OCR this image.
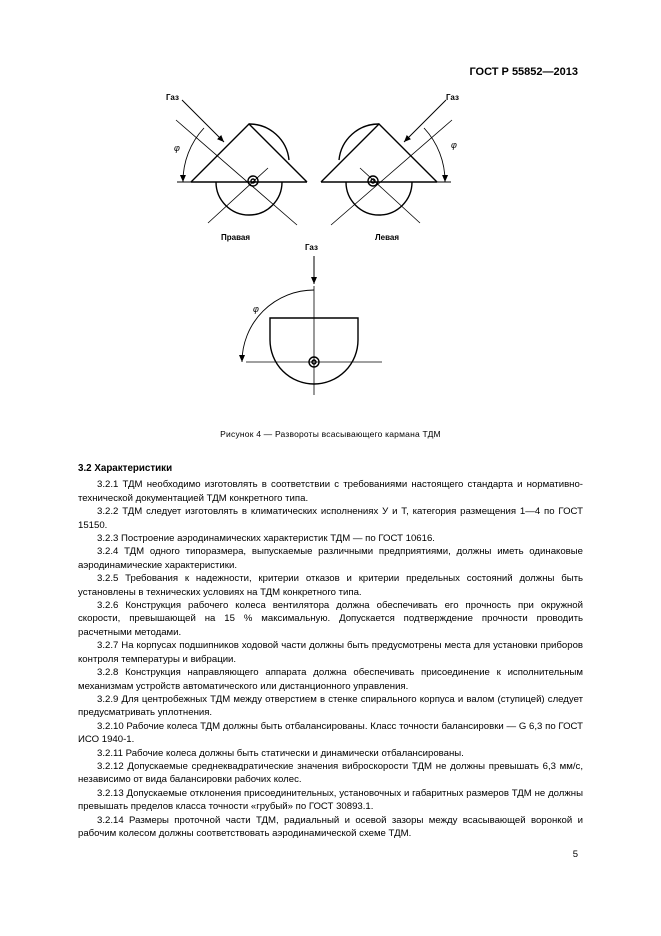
ГОСТ Р 55852—2013
Газ	Газ
Газ
Правая	Левая
φ	φ
φ
Рисунок 4 — Развороты всасывающего кармана ТДМ
3.2 Характеристики

3.2.1 ТДМ необходимо изготовлять в соответствии с требованиями настоящего стандарта и нормативно-технической документацией ТДМ конкретного типа.

3.2.2 ТДМ следует изготовлять в климатических исполнениях У и Т, категория размещения 1—4 по ГОСТ 15150.

3.2.3 Построение аэродинамических характеристик ТДМ — по ГОСТ 10616.

3.2.4 ТДМ одного типоразмера, выпускаемые различными предприятиями, должны иметь одинаковые аэродинамические характеристики.

3.2.5 Требования к надежности, критерии отказов и критерии предельных состояний должны быть установлены в технических условиях на ТДМ конкретного типа.

3.2.6 Конструкция рабочего колеса вентилятора должна обеспечивать его прочность при окружной скорости, превышающей на 15 % максимальную. Допускается подтверждение прочности проводить расчетными методами.

3.2.7 На корпусах подшипников ходовой части должны быть предусмотрены места для установки приборов контроля температуры и вибрации.

3.2.8 Конструкция направляющего аппарата должна обеспечивать присоединение к исполнительным механизмам устройств автоматического или дистанционного управления.

3.2.9 Для центробежных ТДМ между отверстием в стенке спирального корпуса и валом (ступицей) следует предусматривать уплотнения.

3.2.10 Рабочие колеса ТДМ должны быть отбалансированы. Класс точности балансировки — G 6,3 по ГОСТ ИСО 1940-1.

3.2.11 Рабочие колеса должны быть статически и динамически отбалансированы.

3.2.12 Допускаемые среднеквадратические значения виброскорости ТДМ не должны превышать 6,3 мм/с, независимо от вида балансировки рабочих колес.

3.2.13 Допускаемые отклонения присоединительных, установочных и габаритных размеров ТДМ не должны превышать пределов класса точности «грубый» по ГОСТ 30893.1.

3.2.14 Размеры проточной части ТДМ, радиальный и осевой зазоры между всасывающей воронкой и рабочим колесом должны соответствовать аэродинамической схеме ТДМ.

5
